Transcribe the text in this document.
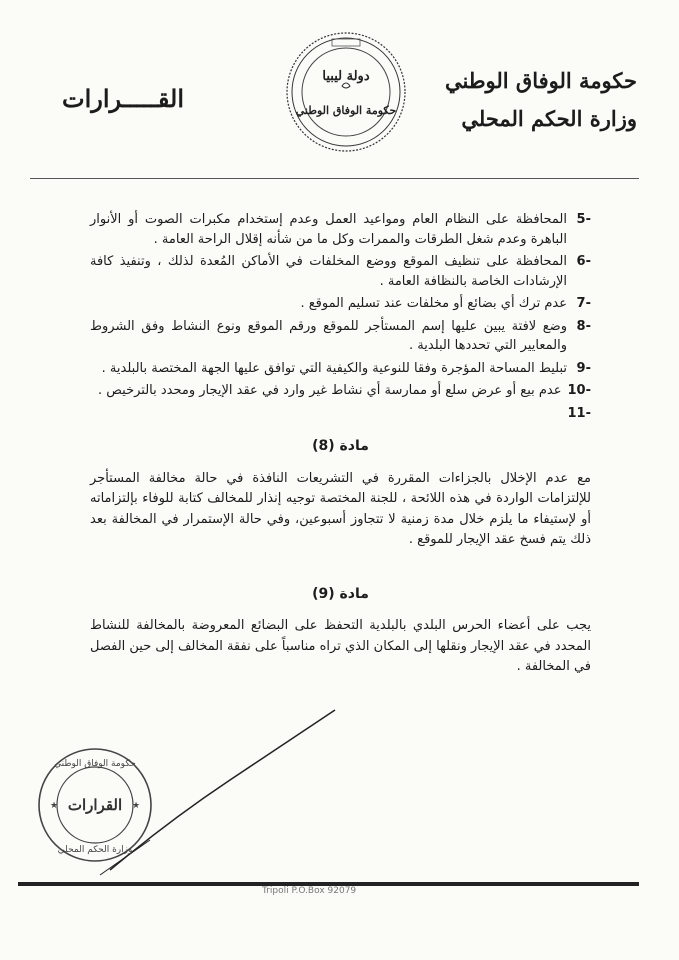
حكومة الوفاق الوطني
وزارة الحكم المحلي
دولة ليبيا
حكومة الوفاق الوطني
القـــــرارات
-5
المحافظة على النظام العام ومواعيد العمل وعدم إستخدام مكبرات الصوت أو الأنوار الباهرة وعدم شغل الطرقات والممرات وكل ما من شأنه إقلال الراحة العامة .
-6
المحافظة على تنظيف الموقع ووضع المخلفات في الأماكن المُعدة لذلك ، وتنفيذ كافة الإرشادات الخاصة بالنظافة العامة .
-7
عدم ترك أي بضائع أو مخلفات عند تسليم الموقع .
-8
وضع لافتة يبين عليها إسم المستأجر للموقع ورقم الموقع ونوع النشاط وفق الشروط والمعايير التي تحددها البلدية .
-9
تبليط المساحة المؤجرة وفقا للنوعية والكيفية التي توافق عليها الجهة المختصة بالبلدية .
-10
عدم بيع أو عرض سلع أو ممارسة أي نشاط غير وارد في عقد الإيجار ومحدد بالترخيص .
-11
مادة (8)
مع عدم الإخلال بالجزاءات المقررة في التشريعات النافذة في حالة مخالفة المستأجر للإلتزامات الواردة في هذه اللائحة ، للجنة المختصة توجيه إنذار للمخالف كتابة للوفاء بإلتزاماته أو لإستيفاء ما يلزم خلال مدة زمنية لا تتجاوز أسبوعين، وفي حالة الإستمرار في المخالفة بعد ذلك يتم فسخ عقد الإيجار للموقع .
مادة (9)
يجب على أعضاء الحرس البلدي بالبلدية التحفظ على البضائع المعروضة بالمخالفة للنشاط المحدد في عقد الإيجار ونقلها إلى المكان الذي تراه مناسباً على نفقة المخالف إلى حين الفصل في المخالفة .
القرارات
حكومة الوفاق الوطني
وزارة الحكم المحلي
★	★
Tripoli P.O.Box 92079
